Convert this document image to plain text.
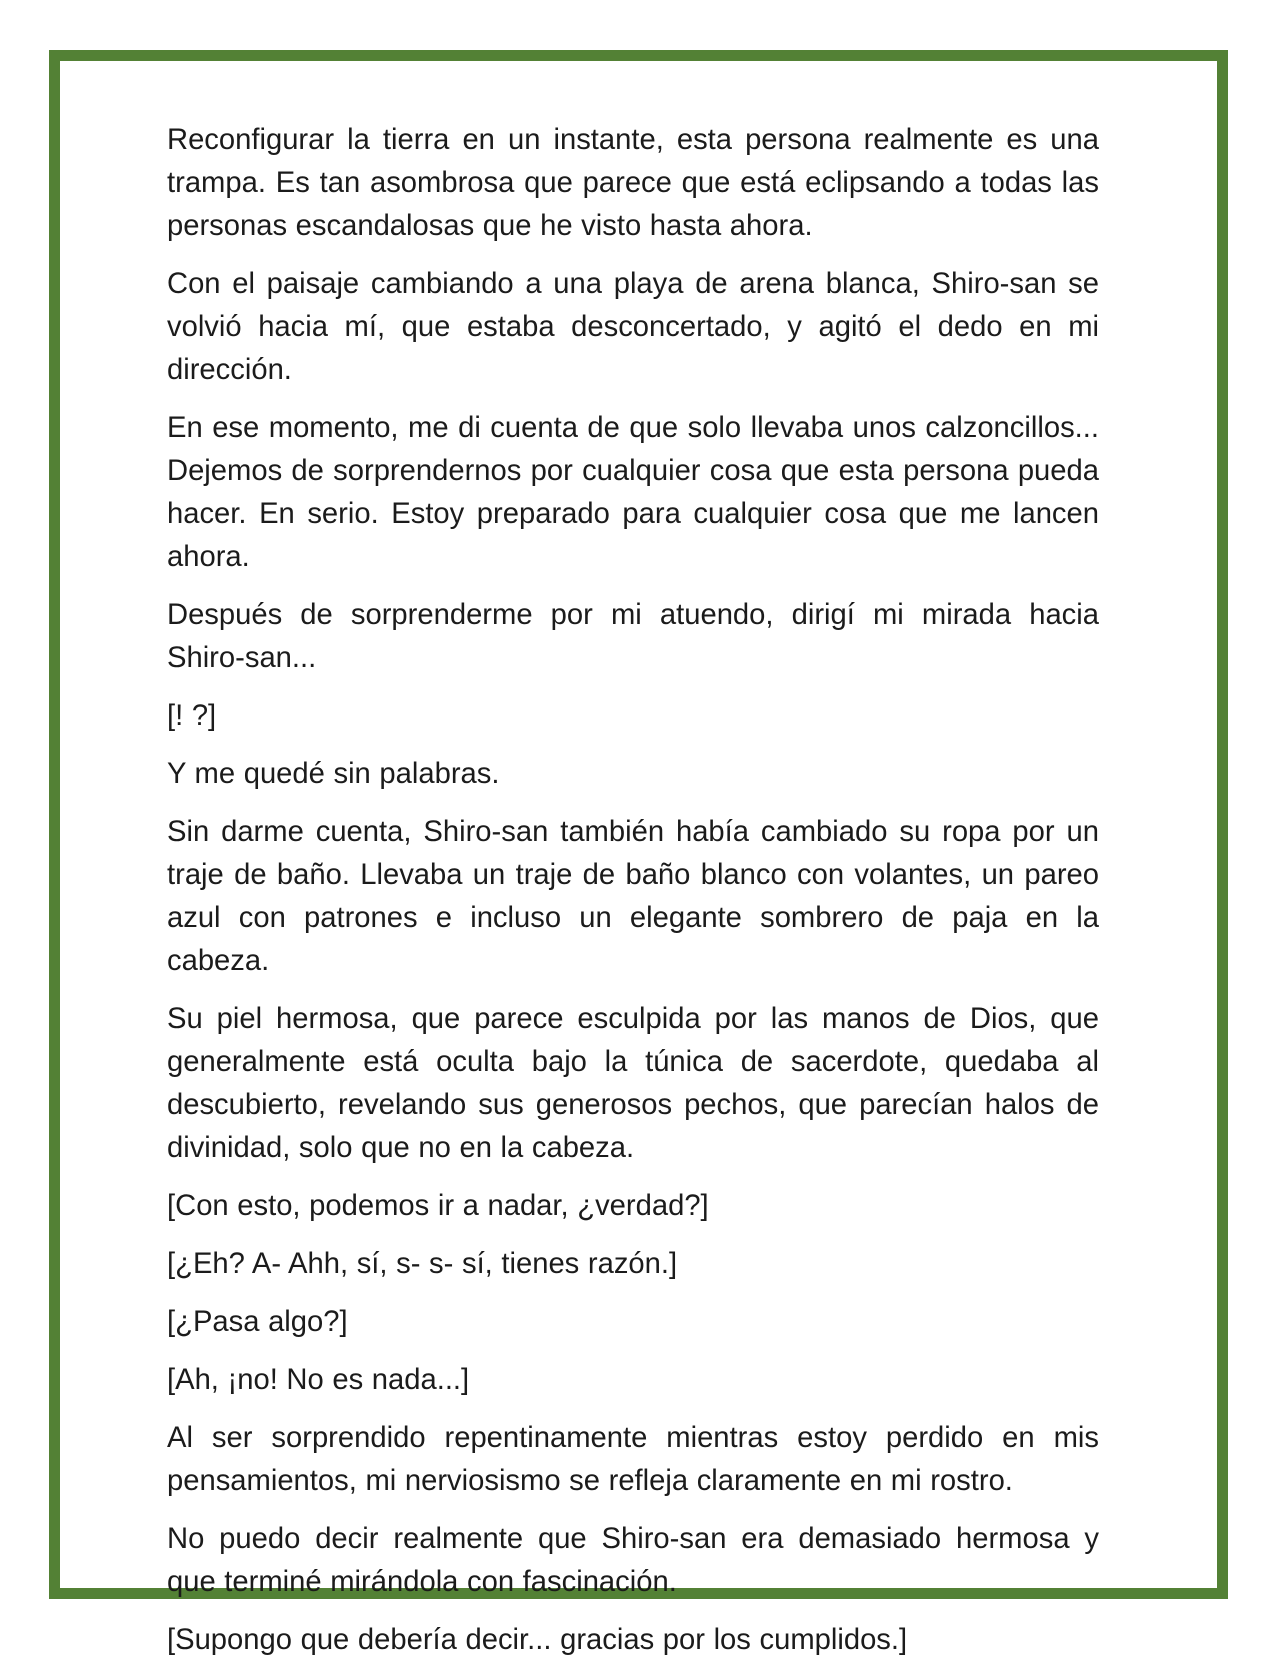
Reconfigurar la tierra en un instante, esta persona realmente es una trampa. Es tan asombrosa que parece que está eclipsando a todas las personas escandalosas que he visto hasta ahora.

Con el paisaje cambiando a una playa de arena blanca, Shiro-san se volvió hacia mí, que estaba desconcertado, y agitó el dedo en mi dirección.

En ese momento, me di cuenta de que solo llevaba unos calzoncillos... Dejemos de sorprendernos por cualquier cosa que esta persona pueda hacer. En serio. Estoy preparado para cualquier cosa que me lancen ahora.

Después de sorprenderme por mi atuendo, dirigí mi mirada hacia Shiro-san...

[! ?]

Y me quedé sin palabras.

Sin darme cuenta, Shiro-san también había cambiado su ropa por un traje de baño. Llevaba un traje de baño blanco con volantes, un pareo azul con patrones e incluso un elegante sombrero de paja en la cabeza.

Su piel hermosa, que parece esculpida por las manos de Dios, que generalmente está oculta bajo la túnica de sacerdote, quedaba al descubierto, revelando sus generosos pechos, que parecían halos de divinidad, solo que no en la cabeza.

[Con esto, podemos ir a nadar, ¿verdad?]

[¿Eh? A- Ahh, sí, s- s- sí, tienes razón.]

[¿Pasa algo?]

[Ah, ¡no! No es nada...]

Al ser sorprendido repentinamente mientras estoy perdido en mis pensamientos, mi nerviosismo se refleja claramente en mi rostro.

No puedo decir realmente que Shiro-san era demasiado hermosa y que terminé mirándola con fascinación.

[Supongo que debería decir... gracias por los cumplidos.]
